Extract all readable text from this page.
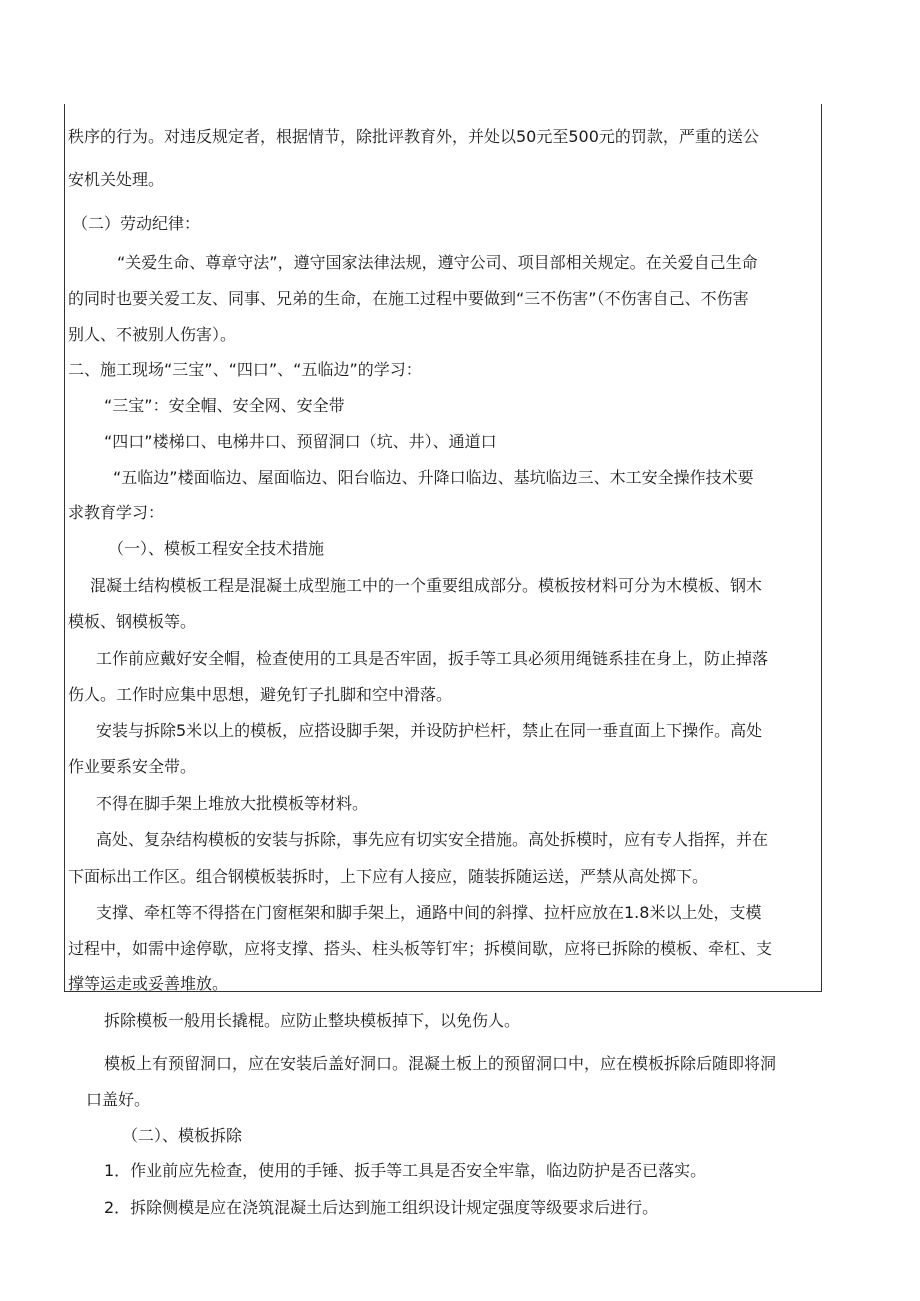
秩序的行为。对违反规定者，根据情节，除批评教育外，并处以50元至500元的罚款，严重的送公
安机关处理。
（二）劳动纪律：
“关爱生命、尊章守法”，遵守国家法律法规，遵守公司、项目部相关规定。在关爱自己生命
的同时也要关爱工友、同事、兄弟的生命，在施工过程中要做到“三不伤害”（不伤害自己、不伤害
别人、不被别人伤害）。
二、施工现场“三宝”、“四口”、“五临边”的学习：
“三宝”：安全帽、安全网、安全带
“四口”楼梯口、电梯井口、预留洞口（坑、井）、通道口
“五临边”楼面临边、屋面临边、阳台临边、升降口临边、基坑临边三、木工安全操作技术要
求教育学习：
（一）、模板工程安全技术措施
混凝土结构模板工程是混凝土成型施工中的一个重要组成部分。模板按材料可分为木模板、钢木
模板、钢模板等。
工作前应戴好安全帽，检查使用的工具是否牢固，扳手等工具必须用绳链系挂在身上，防止掉落
伤人。工作时应集中思想，避免钉子扎脚和空中滑落。
安装与拆除5米以上的模板，应搭设脚手架，并设防护栏杆，禁止在同一垂直面上下操作。高处
作业要系安全带。
不得在脚手架上堆放大批模板等材料。
高处、复杂结构模板的安装与拆除，事先应有切实安全措施。高处拆模时，应有专人指挥，并在
下面标出工作区。组合钢模板装拆时，上下应有人接应，随装拆随运送，严禁从高处掷下。
支撑、牵杠等不得搭在门窗框架和脚手架上，通路中间的斜撑、拉杆应放在1.8米以上处，支模
过程中，如需中途停歇，应将支撑、搭头、柱头板等钉牢；拆模间歇，应将已拆除的模板、牵杠、支
撑等运走或妥善堆放。
拆除模板一般用长撬棍。应防止整块模板掉下，以免伤人。
模板上有预留洞口，应在安装后盖好洞口。混凝土板上的预留洞口中，应在模板拆除后随即将洞
口盖好。
（二）、模板拆除
1．作业前应先检查，使用的手锤、扳手等工具是否安全牢靠，临边防护是否已落实。
2．拆除侧模是应在浇筑混凝土后达到施工组织设计规定强度等级要求后进行。
